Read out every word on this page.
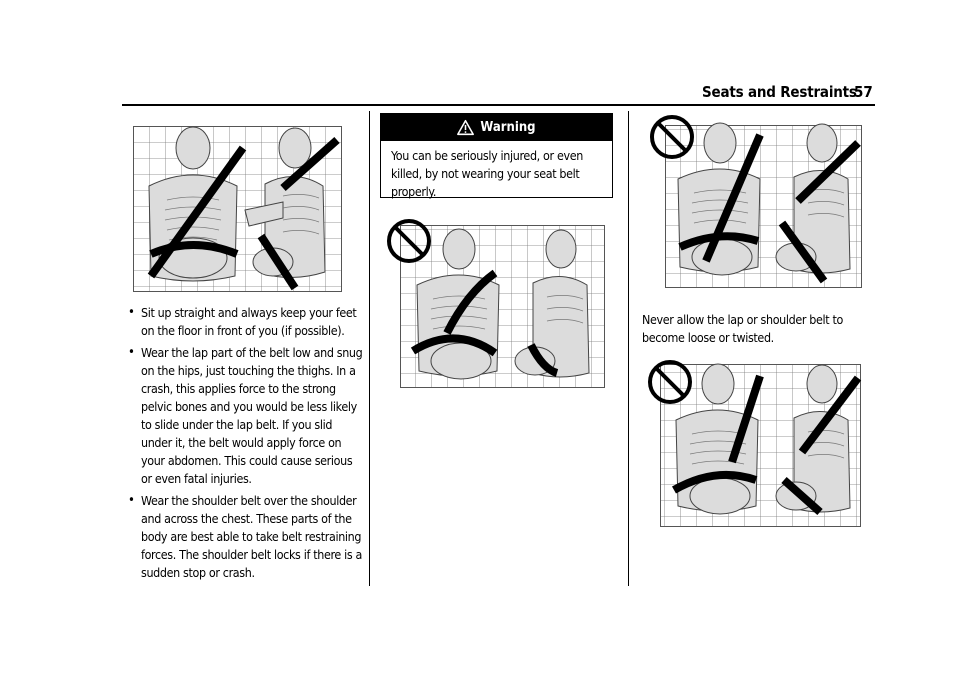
Seats and Restraints
57
• Sit up straight and always keep your feet on the floor in front of you (if possible).
• Wear the lap part of the belt low and snug on the hips, just touching the thighs. In a crash, this applies force to the strong pelvic bones and you would be less likely to slide under the lap belt. If you slid under it, the belt would apply force on your abdomen. This could cause serious or even fatal injuries.
• Wear the shoulder belt over the shoulder and across the chest. These parts of the body are best able to take belt restraining forces. The shoulder belt locks if there is a sudden stop or crash.
Warning
You can be seriously injured, or even killed, by not wearing your seat belt properly.
Never allow the lap or shoulder belt to become loose or twisted.
